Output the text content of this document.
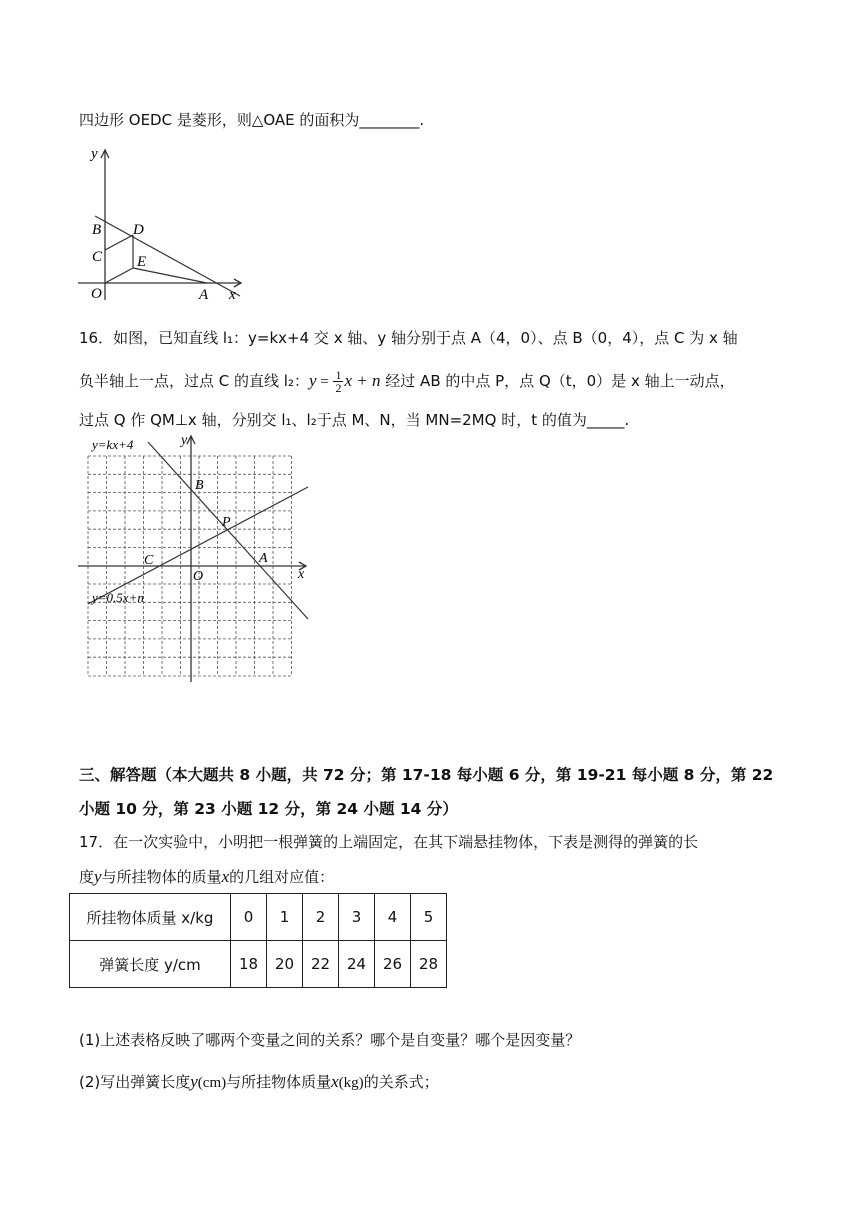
四边形 OEDC 是菱形，则△OAE 的面积为________.
y
x
O	A
B
C
D
E
16．如图，已知直线 l₁：y=kx+4 交 x 轴、y 轴分别于点 A（4，0）、点 B（0，4），点 C 为 x 轴
负半轴上一点，过点 C 的直线 l₂：$y = \frac{1}{2}$ x + n 经过 AB 的中点 P，点 Q（t，0）是 x 轴上一动点，
过点 Q 作 QM⊥x 轴，分别交 l₁、l₂于点 M、N，当 MN=2MQ 时，t 的值为_____.
y=kx+4
y=0.5x+n
y
x
B
P
C
O
A
三、解答题（本大题共 8 小题，共 72 分；第 17-18 每小题 6 分，第 19-21 每小题 8 分，第 22
小题 10 分，第 23 小题 12 分，第 24 小题 14 分）
17．在一次实验中，小明把一根弹簧的上端固定，在其下端悬挂物体，下表是测得的弹簧的长
度y与所挂物体的质量x的几组对应值：
所挂物体质量 x/kg	0	1	2	3	4	5
弹簧长度 y/cm	18	20	22	24	26	28
(1)上述表格反映了哪两个变量之间的关系？哪个是自变量？哪个是因变量？
(2)写出弹簧长度y(cm)与所挂物体质量x(kg)的关系式；
